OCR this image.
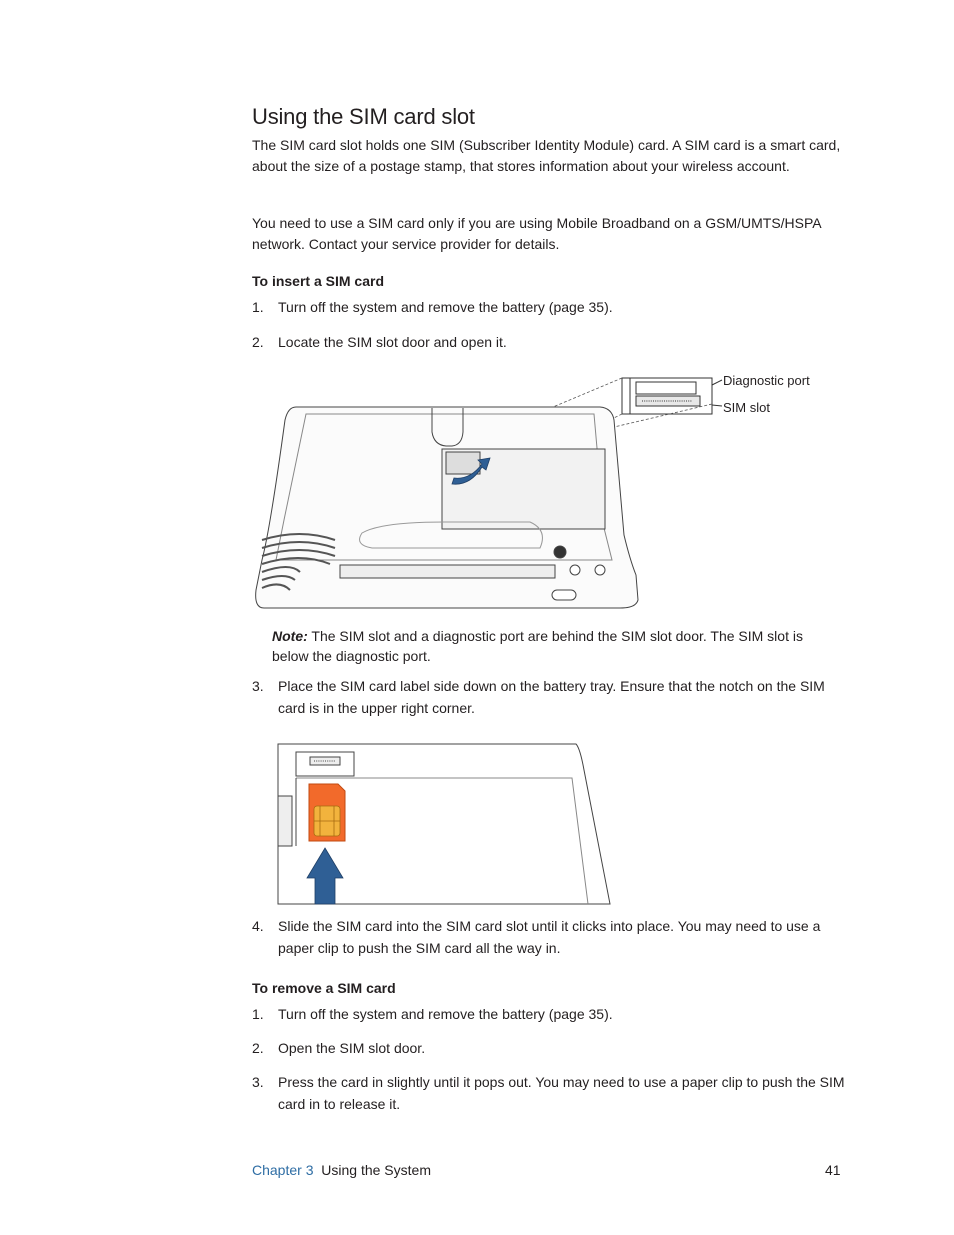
Using the SIM card slot
The SIM card slot holds one SIM (Subscriber Identity Module) card. A SIM card is a smart card, about the size of a postage stamp, that stores information about your wireless account.
You need to use a SIM card only if you are using Mobile Broadband on a GSM/UMTS/HSPA network. Contact your service provider for details.
To insert a SIM card
1. Turn off the system and remove the battery (page 35).
2. Locate the SIM slot door and open it.
Diagnostic port
SIM slot
Note: The SIM slot and a diagnostic port are behind the SIM slot door. The SIM slot is below the diagnostic port.
3. Place the SIM card label side down on the battery tray. Ensure that the notch on the SIM card is in the upper right corner.
4. Slide the SIM card into the SIM card slot until it clicks into place. You may need to use a paper clip to push the SIM card all the way in.
To remove a SIM card
1. Turn off the system and remove the battery (page 35).
2. Open the SIM slot door.
3. Press the card in slightly until it pops out. You may need to use a paper clip to push the SIM card in to release it.
Chapter 3 Using the System	41
